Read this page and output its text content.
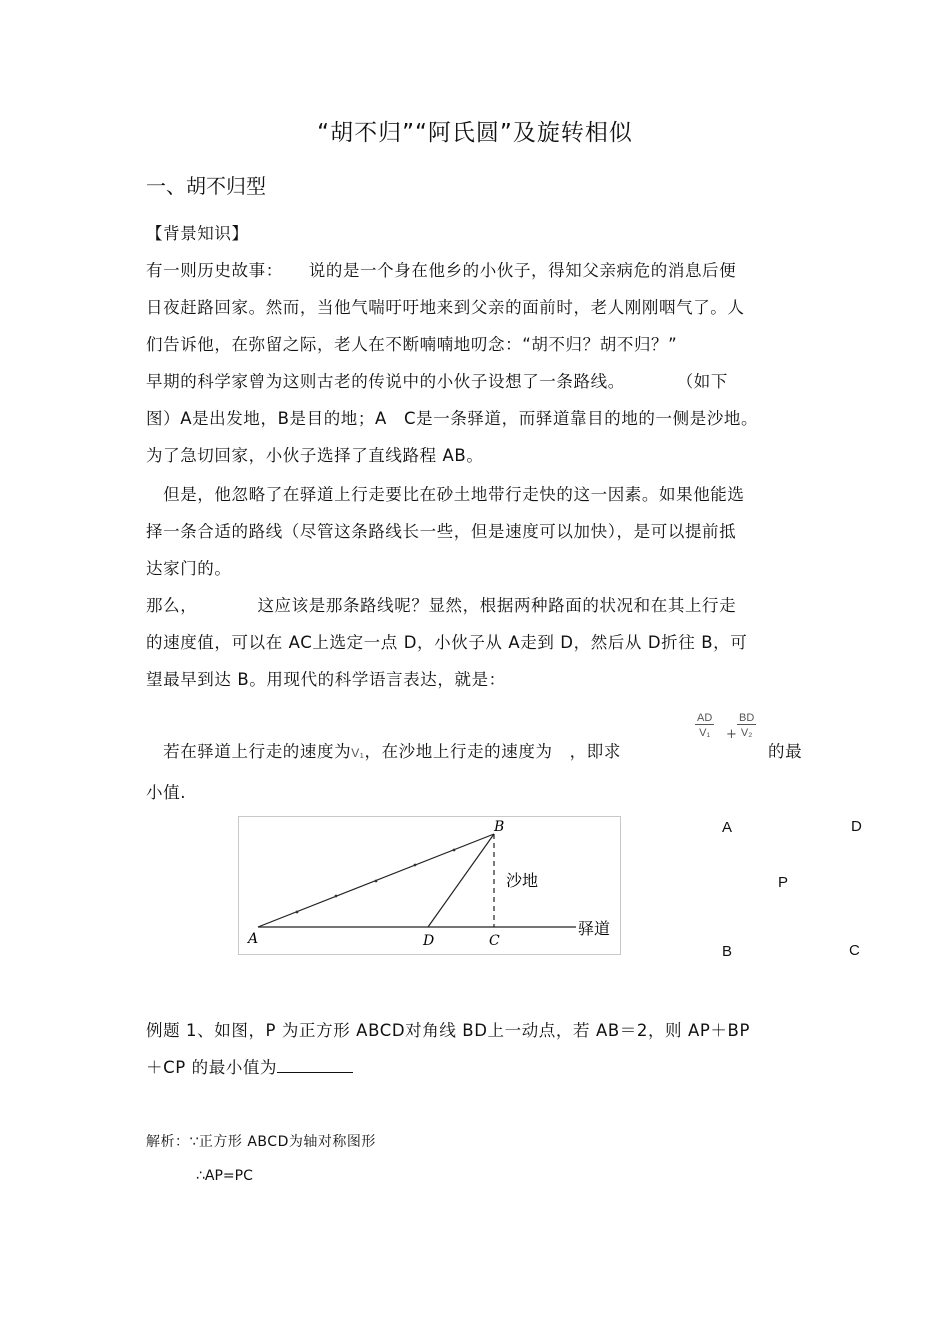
“胡不归”“阿氏圆”及旋转相似
一、胡不归型
【背景知识】
有一则历史故事：　　说的是一个身在他乡的小伙子，得知父亲病危的消息后便
日夜赶路回家。然而，当他气喘吁吁地来到父亲的面前时，老人刚刚咽气了。人
们告诉他，在弥留之际，老人在不断喃喃地叨念：“胡不归？胡不归？”
早期的科学家曾为这则古老的传说中的小伙子设想了一条路线。　　　　（如下
图）A是出发地，B是目的地；A　C是一条驿道，而驿道靠目的地的一侧是沙地。
为了急切回家，小伙子选择了直线路程 AB。
　但是，他忽略了在驿道上行走要比在砂土地带行走快的这一因素。如果他能选
择一条合适的路线（尽管这条路线长一些，但是速度可以加快），是可以提前抵
达家门的。
那么，　　　　这应该是那条路线呢？显然，根据两种路面的状况和在其上行走
的速度值，可以在 AC上选定一点 D，小伙子从 A走到 D，然后从 D折往 B，可
望最早到达 B。用现代的科学语言表达，就是：
　若在驿道上行走的速度为V₁，在沙地上行走的速度为　，即求
$\frac{AD}{\text{V₁}} + \frac{BD}{\text{V₂}}$
的最
小值.
A
B
D	C
沙地
驿道
A	D
P
B	C
例题 1、如图，P 为正方形 ABCD对角线 BD上一动点，若 AB＝2，则 AP＋BP
＋CP 的最小值为
解析：∵正方形 ABCD为轴对称图形
∴AP=PC
